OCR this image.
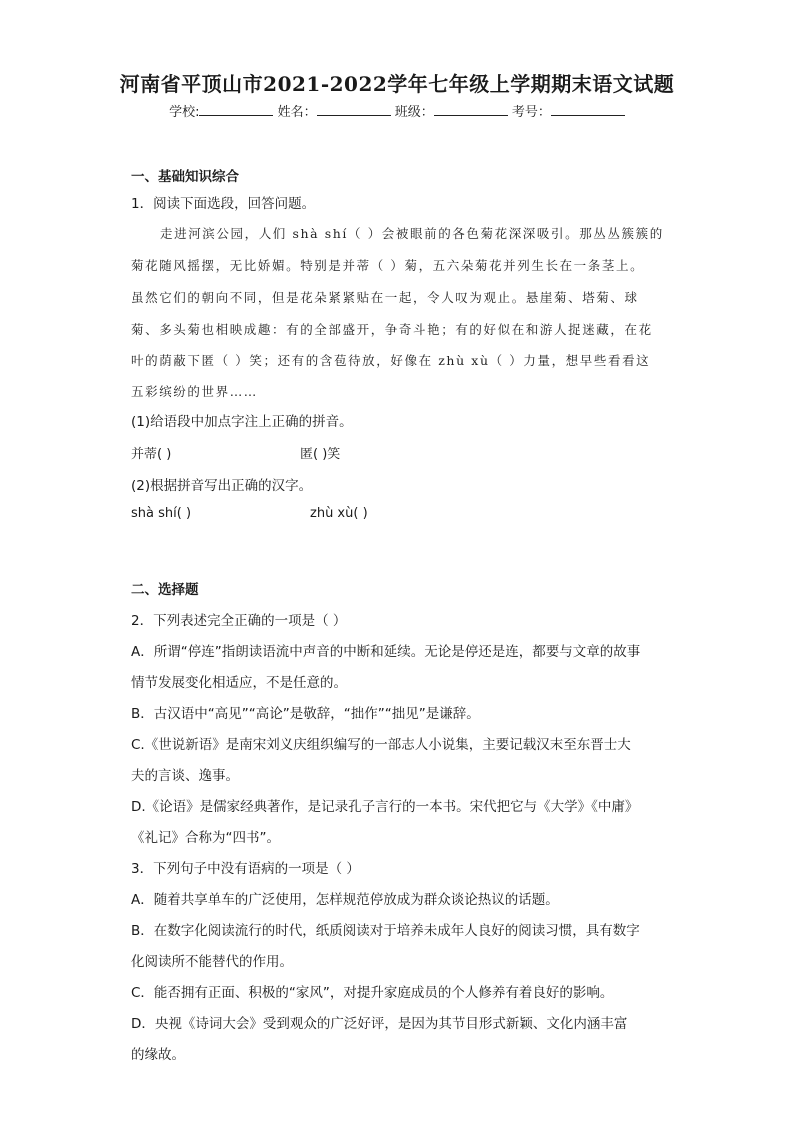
河南省平顶山市2021-2022学年七年级上学期期末语文试题
学校:	姓名：	班级：	考号：
一、基础知识综合
1．阅读下面选段，回答问题。
走进河滨公园，人们 shà shí（ ）会被眼前的各色菊花深深吸引。那丛丛簇簇的
菊花随风摇摆，无比娇媚。特别是并蒂（ ）菊，五六朵菊花并列生长在一条茎上。
虽然它们的朝向不同，但是花朵紧紧贴在一起，令人叹为观止。悬崖菊、塔菊、球
菊、多头菊也相映成趣：有的全部盛开，争奇斗艳；有的好似在和游人捉迷藏，在花
叶的荫蔽下匿（ ）笑；还有的含苞待放，好像在 zhù xù（ ）力量，想早些看看这
五彩缤纷的世界……
(1)给语段中加点字注上正确的拼音。
并蒂( )	匿( )笑
(2)根据拼音写出正确的汉字。
shà shí( )	zhù xù( )
二、选择题
2．下列表述完全正确的一项是（ ）
A．所谓“停连”指朗读语流中声音的中断和延续。无论是停还是连，都要与文章的故事
情节发展变化相适应，不是任意的。
B．古汉语中“高见”“高论”是敬辞，“拙作”“拙见”是谦辞。
C.《世说新语》是南宋刘义庆组织编写的一部志人小说集，主要记载汉末至东晋士大
夫的言谈、逸事。
D.《论语》是儒家经典著作，是记录孔子言行的一本书。宋代把它与《大学》《中庸》
《礼记》合称为“四书”。
3．下列句子中没有语病的一项是（ ）
A．随着共享单车的广泛使用，怎样规范停放成为群众谈论热议的话题。
B．在数字化阅读流行的时代，纸质阅读对于培养未成年人良好的阅读习惯，具有数字
化阅读所不能替代的作用。
C．能否拥有正面、积极的“家风”，对提升家庭成员的个人修养有着良好的影响。
D．央视《诗词大会》受到观众的广泛好评，是因为其节目形式新颖、文化内涵丰富
的缘故。
